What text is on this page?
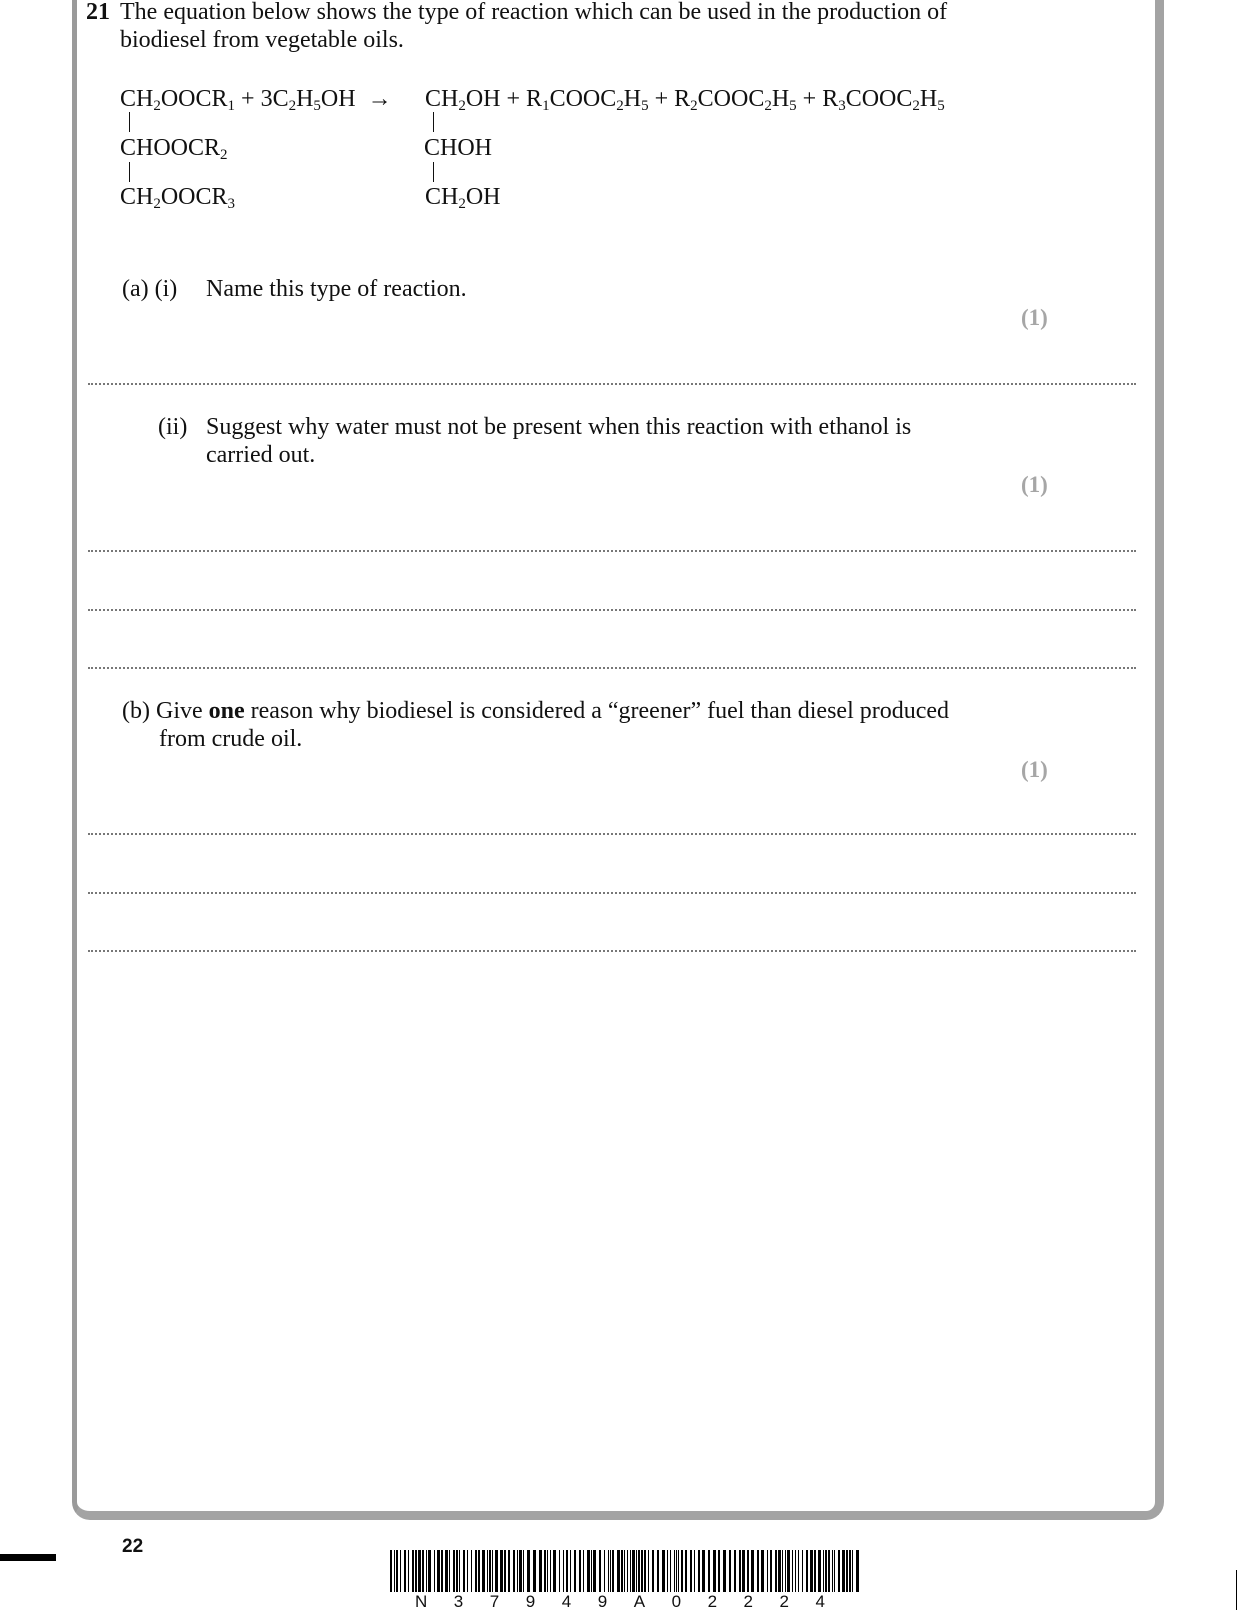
21 The equation below shows the type of reaction which can be used in the production of
biodiesel from vegetable oils.
$CH_2OOCR_1 + 3C_2H_5OH \to CH_2OH$ + $R_1COOC_2H_5$ + $R_2COOC_2H_5$ + $R_3COOC_2H_5$
$CHOOCR_2$	CHOH
$CH_2OOCR_3$	$CH_2OH$
(a) (i) Name this type of reaction.
(1)
(ii) Suggest why water must not be present when this reaction with ethanol is
carried out.
(1)
(b) Give one reason why biodiesel is considered a “greener” fuel than diesel produced
from crude oil.
(1)
22
N 3 7 9 4 9 A 0 2 2 2 4
